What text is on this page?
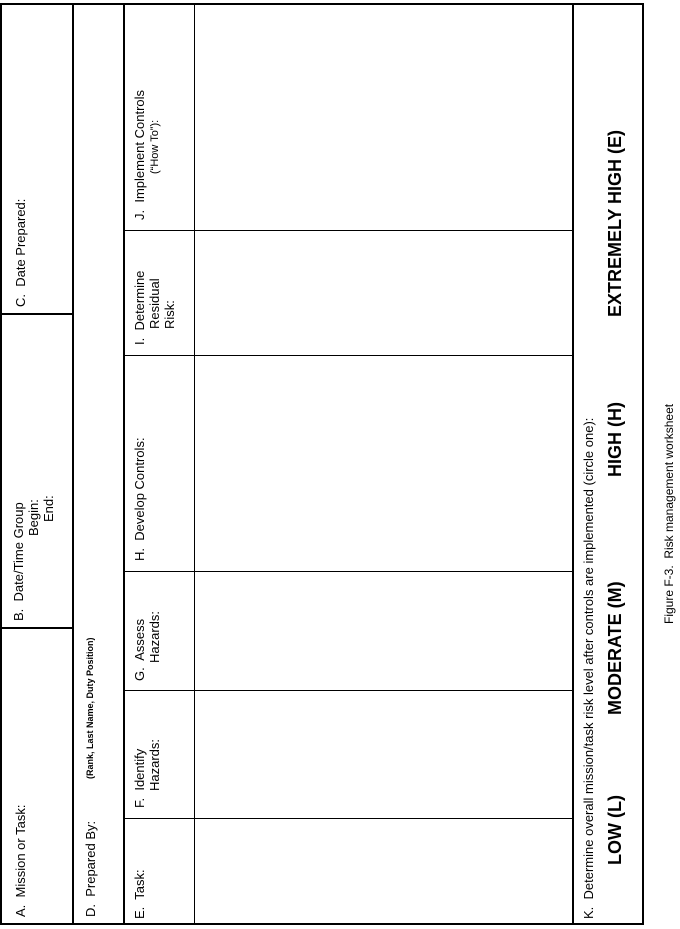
A.  Mission or Task:
B.  Date/Time Group Begin: End:
C.  Date Prepared:
D.  Prepared By:
(Rank, Last Name, Duty Position)
E.  Task:
F.  Identify Hazards:
G.  Assess Hazards:
H.  Develop Controls:
I.  Determine Residual Risk:
J.  Implement Controls (“How To”):
K.  Determine overall mission/task risk level after controls are implemented (circle one): LOW (L)
MODERATE (M)
HIGH (H)
EXTREMELY HIGH (E)
Figure F-3.  Risk management worksheet
